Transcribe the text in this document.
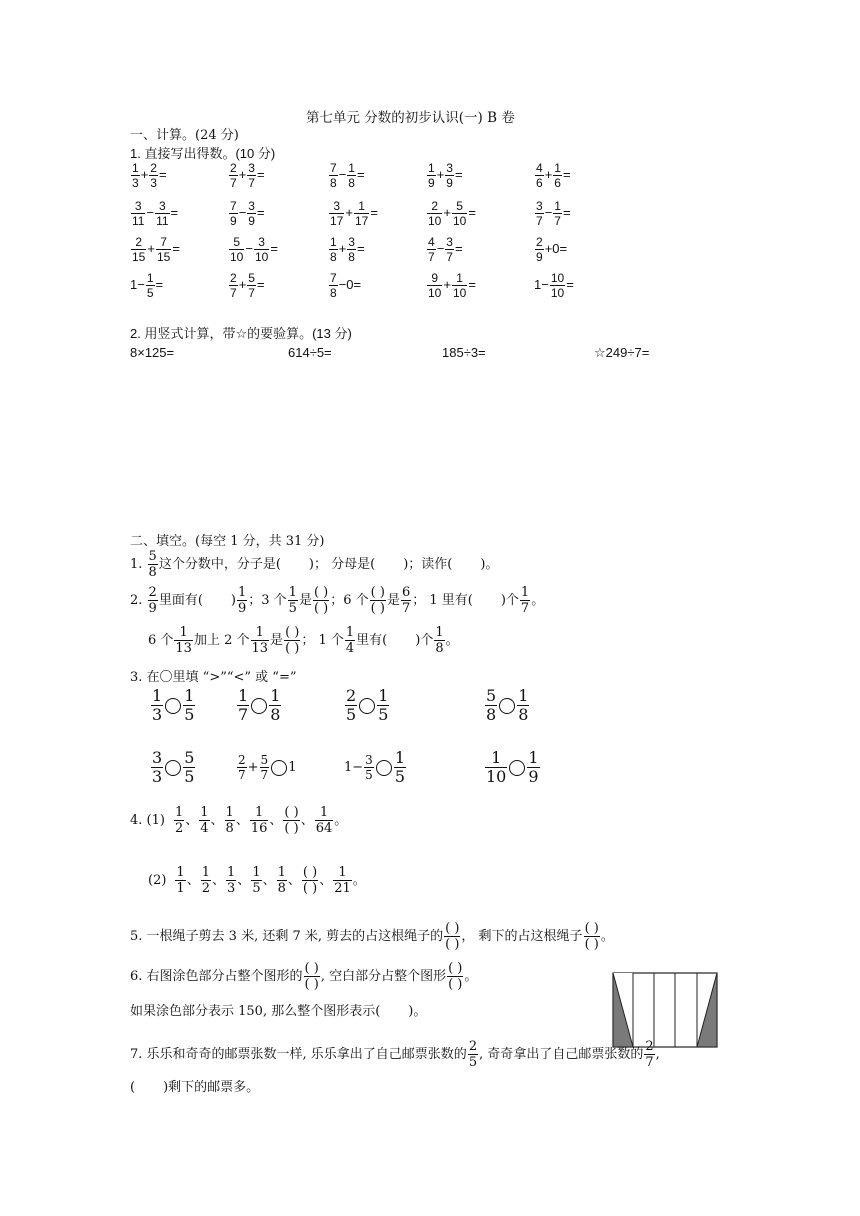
第七单元 分数的初步认识(一) B 卷
一、计算。(24 分)
1. 直接写出得数。(10 分)
$\frac{1}{3} + \frac{2}{3}$ =	$\frac{2}{7} + \frac{3}{7}$ =	$\frac{7}{8} - \frac{1}{8}$ =	$\frac{1}{9} + \frac{3}{9}$ =	$\frac{4}{6} + \frac{1}{6}$ =
$\frac{3}{11} - \frac{3}{11}$ =	$\frac{7}{9} - \frac{3}{9}$ =	$\frac{3}{17} + \frac{1}{17}$ =	$\frac{2}{10} + \frac{5}{10}$ =	$\frac{3}{7} - \frac{1}{7}$ =
$\frac{2}{15} + \frac{7}{15}$ =	$\frac{5}{10} - \frac{3}{10}$ =	$\frac{1}{8} + \frac{3}{8}$ =	$\frac{4}{7} - \frac{3}{7}$ =	$\frac{2}{9} +0=$
$1- \frac{1}{5}$ =	$\frac{2}{7} + \frac{5}{7}$ =	$\frac{7}{8} -0=$	$\frac{9}{10} + \frac{1}{10}$ =	$1- \frac{10}{10}$ =
2. 用竖式计算，带☆的要验算。(13 分)
8×125=	614÷5=	185÷3=	☆249÷7=
二、填空。(每空 1 分，共 31 分)
1. $\frac{5}{8}$ 这个分数中，分子是( )； 分母是( )；读作( )。
2. $\frac{2}{9}$ 里面有( ) $\frac{1}{9}$ ；3 个 $\frac{1}{5}$ 是
( )
( )
；6 个
( )
( )
是 $\frac{6}{7}$ ； 1 里有( )个 $\frac{1}{7}$ 。
6 个 $\frac{1}{13}$ 加上 2 个 $\frac{1}{13}$ 是
( )
( )
； 1 个 $\frac{1}{4}$ 里有( )个 $\frac{1}{8}$ 。
3. 在〇里填 “>”“<” 或 “=”
$\frac{1}{3} \frac{1}{5}$	$\frac{1}{7} \frac{1}{8}$	$\frac{2}{5} \frac{1}{5}$	$\frac{5}{8} \frac{1}{8}$
$\frac{3}{3} \frac{5}{5}$	$\frac{2}{7} + \frac{5}{7} 1$	$1- \frac{3}{5} \frac{1}{5}$	$\frac{1}{10} \frac{1}{9}$
4. $(1) \frac{1}{2}$ 、 $\frac{1}{4}$ 、 $\frac{1}{8}$ 、 $\frac{1}{16}$ 、
( )
( )
、 $\frac{1}{64}$ 。
$(2) \frac{1}{1}$ 、 $\frac{1}{2}$ 、 $\frac{1}{3}$ 、 $\frac{1}{5}$ 、 $\frac{1}{8}$ 、
( )
( )
、 $\frac{1}{21}$ 。
5. 一根绳子剪去 3 米, 还剩 7 米, 剪去的占这根绳子的
( )
( )
， 剩下的占这根绳子
( )
( )
。
6. 右图涂色部分占整个图形的
( )
( )
, 空白部分占整个图形
( )
( )
。
如果涂色部分表示 150, 那么整个图形表示( )。
7. 乐乐和奇奇的邮票张数一样, 乐乐拿出了自己邮票张数的 $\frac{2}{5}$ , 奇奇拿出了自己邮票张数的 $\frac{2}{7}$ ,
( )剩下的邮票多。
